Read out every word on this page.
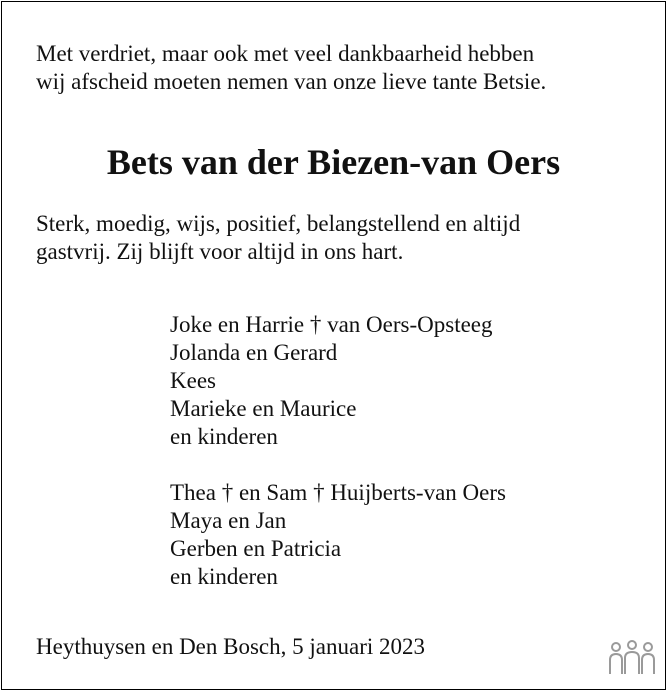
Met verdriet, maar ook met veel dankbaarheid hebben
wij afscheid moeten nemen van onze lieve tante Betsie.

Bets van der Biezen-van Oers

Sterk, moedig, wijs, positief, belangstellend en altijd
gastvrij. Zij blijft voor altijd in ons hart.

Joke en Harrie † van Oers-Opsteeg
Jolanda en Gerard
Kees
Marieke en Maurice
en kinderen
Thea † en Sam † Huijberts-van Oers
Maya en Jan
Gerben en Patricia
en kinderen

Heythuysen en Den Bosch, 5 januari 2023
